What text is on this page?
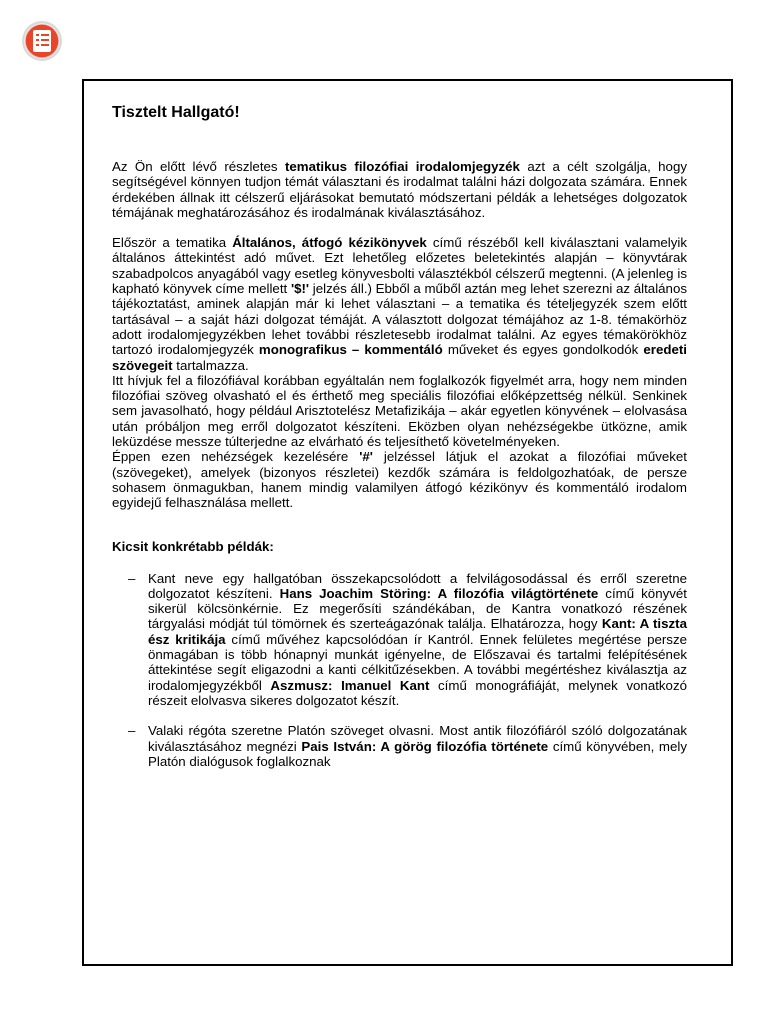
Tisztelt Hallgató!

Az Ön előtt lévő részletes tematikus filozófiai irodalomjegyzék azt a célt szolgálja, hogy segítségével könnyen tudjon témát választani és irodalmat találni házi dolgozata számára. Ennek érdekében állnak itt célszerű eljárásokat bemutató módszertani példák a lehetséges dolgozatok témájának meghatározásához és irodalmának kiválasztásához.

Először a tematika Általános, átfogó kézikönyvek című részéből kell kiválasztani valamelyik általános áttekintést adó művet. Ezt lehetőleg előzetes beletekintés alapján – könyvtárak szabadpolcos anyagából vagy esetleg könyvesbolti választékból célszerű megtenni. (A jelenleg is kapható könyvek címe mellett '$!' jelzés áll.) Ebből a műből aztán meg lehet szerezni az általános tájékoztatást, aminek alapján már ki lehet választani – a tematika és tételjegyzék szem előtt tartásával – a saját házi dolgozat témáját. A választott dolgozat témájához az 1-8. témakörhöz adott irodalomjegyzékben lehet további részletesebb irodalmat találni. Az egyes témakörökhöz tartozó irodalomjegyzék monografikus – kommentáló műveket és egyes gondolkodók eredeti szövegeit tartalmazza.

Itt hívjuk fel a filozófiával korábban egyáltalán nem foglalkozók figyelmét arra, hogy nem minden filozófiai szöveg olvasható el és érthető meg speciális filozófiai előképzettség nélkül. Senkinek sem javasolható, hogy például Arisztotelész Metafizikája – akár egyetlen könyvének – elolvasása után próbáljon meg erről dolgozatot készíteni. Eközben olyan nehézségekbe ütközne, amik leküzdése messze túlterjedne az elvárható és teljesíthető követelményeken.

Éppen ezen nehézségek kezelésére '#' jelzéssel látjuk el azokat a filozófiai műveket (szövegeket), amelyek (bizonyos részletei) kezdők számára is feldolgozhatóak, de persze sohasem önmagukban, hanem mindig valamilyen átfogó kézikönyv és kommentáló irodalom egyidejű felhasználása mellett.

Kicsit konkrétabb példák:
– Kant neve egy hallgatóban összekapcsolódott a felvilágosodással és erről szeretne dolgozatot készíteni. Hans Joachim Störing: A filozófia világtörténete című könyvét sikerül kölcsönkérnie. Ez megerősíti szándékában, de Kantra vonatkozó részének tárgyalási módját túl tömörnek és szerteágazónak találja. Elhatározza, hogy Kant: A tiszta ész kritikája című művéhez kapcsolódóan ír Kantról. Ennek felületes megértése persze önmagában is több hónapnyi munkát igényelne, de Előszavai és tartalmi felépítésének áttekintése segít eligazodni a kanti célkitűzésekben. A további megértéshez kiválasztja az irodalomjegyzékből Aszmusz: Imanuel Kant című monográfiáját, melynek vonatkozó részeit elolvasva sikeres dolgozatot készít.
– Valaki régóta szeretne Platón szöveget olvasni. Most antik filozófiáról szóló dolgozatának kiválasztásához megnézi Pais István: A görög filozófia története című könyvében, mely Platón dialógusok foglalkoznak
